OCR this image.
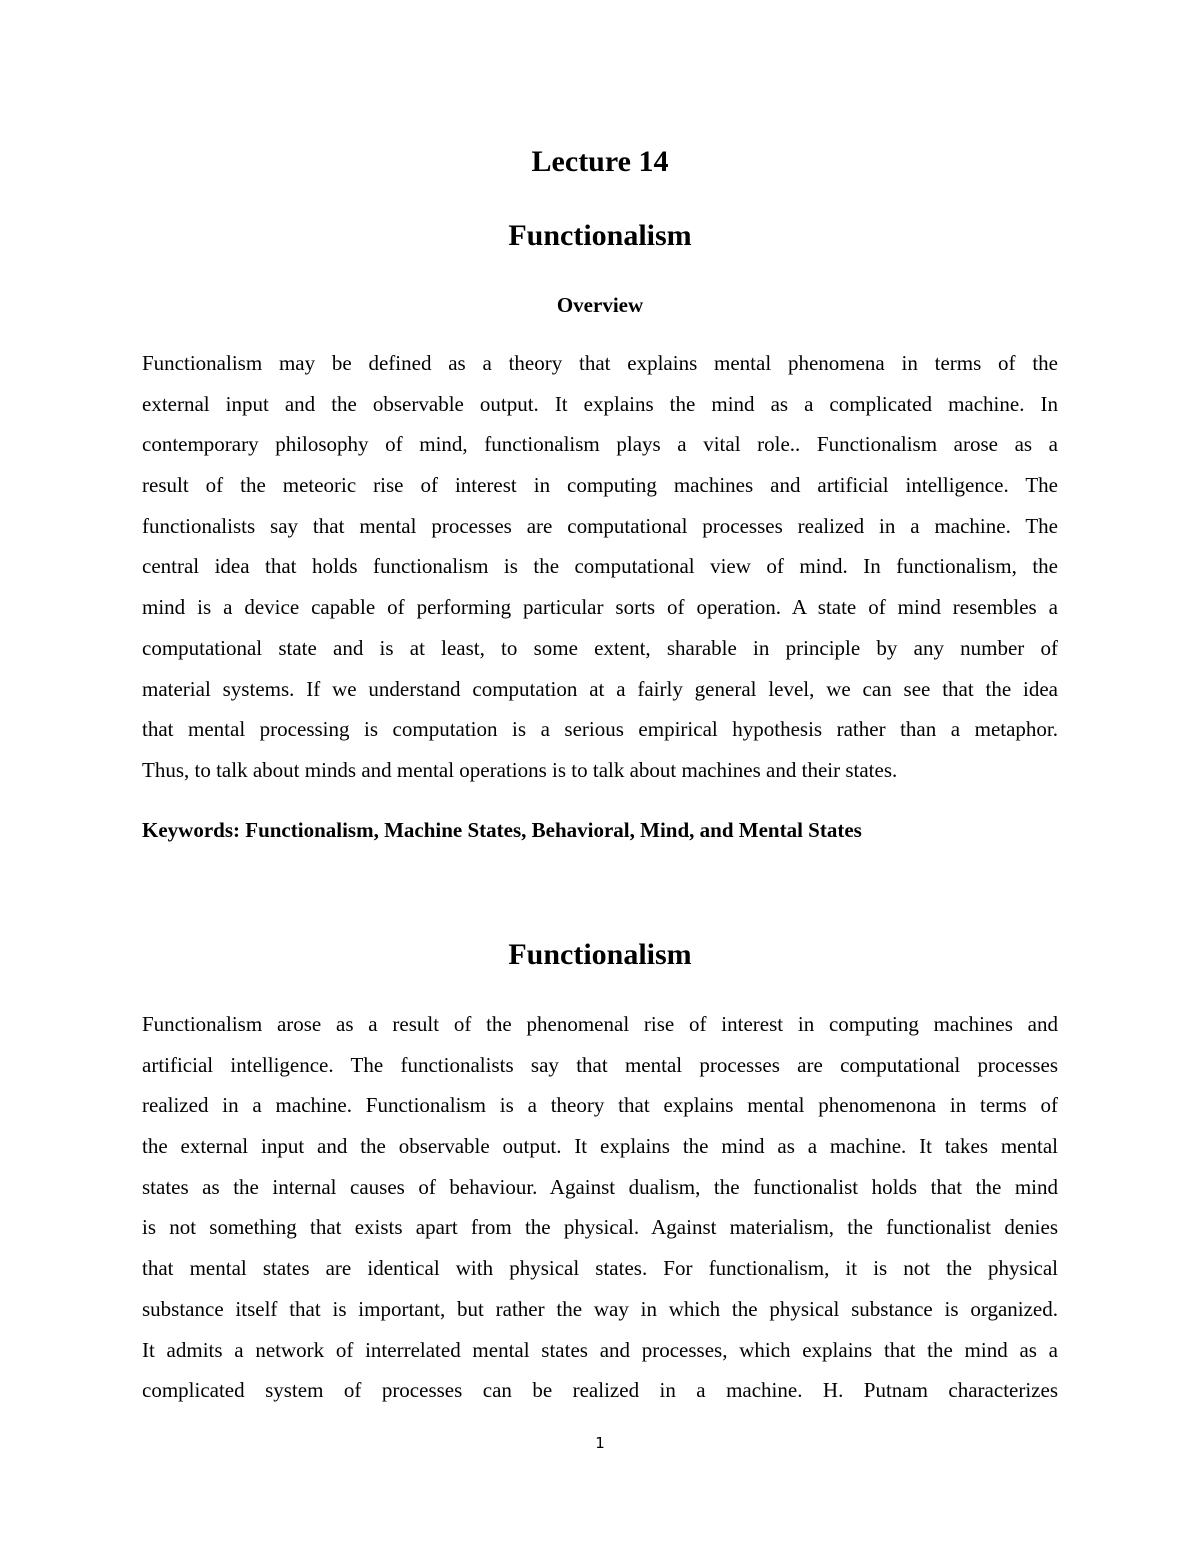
Lecture 14
Functionalism
Overview
Functionalism may be defined as a theory that explains mental phenomena in terms of the
external input and the observable output. It explains the mind as a complicated machine. In
contemporary philosophy of mind, functionalism plays a vital role.. Functionalism arose as a
result of the meteoric rise of interest in computing machines and artificial intelligence. The
functionalists say that mental processes are computational processes realized in a machine. The
central idea that holds functionalism is the computational view of mind. In functionalism, the
mind is a device capable of performing particular sorts of operation. A state of mind resembles a
computational state and is at least, to some extent, sharable in principle by any number of
material systems. If we understand computation at a fairly general level, we can see that the idea
that mental processing is computation is a serious empirical hypothesis rather than a metaphor.
Thus, to talk about minds and mental operations is to talk about machines and their states.
Keywords: Functionalism, Machine States, Behavioral, Mind, and Mental States
Functionalism
Functionalism arose as a result of the phenomenal rise of interest in computing machines and
artificial intelligence. The functionalists say that mental processes are computational processes
realized in a machine. Functionalism is a theory that explains mental phenomenona in terms of
the external input and the observable output. It explains the mind as a machine. It takes mental
states as the internal causes of behaviour. Against dualism, the functionalist holds that the mind
is not something that exists apart from the physical. Against materialism, the functionalist denies
that mental states are identical with physical states. For functionalism, it is not the physical
substance itself that is important, but rather the way in which the physical substance is organized.
It admits a network of interrelated mental states and processes, which explains that the mind as a
complicated system of processes can be realized in a machine. H. Putnam characterizes
1
